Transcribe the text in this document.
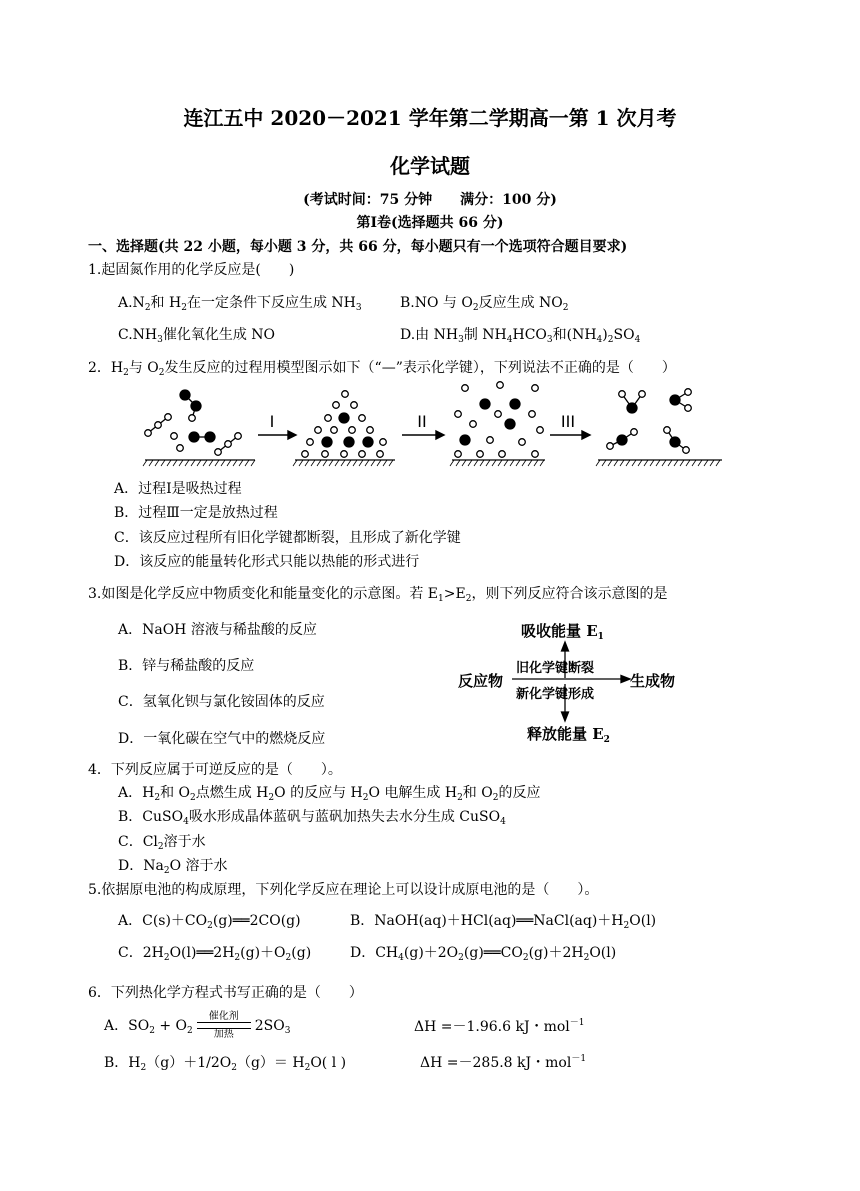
连江五中 2020－2021 学年第二学期高一第 1 次月考
化学试题
(考试时间：75 分钟　　满分：100 分)
第Ⅰ卷(选择题共 66 分)
一、选择题(共 22 小题，每小题 3 分，共 66 分，每小题只有一个选项符合题目要求)
1.起固氮作用的化学反应是(　　)
$A.N_2$和 $H_2$在一定条件下反应生成 $NH_3$	B.NO 与 $O_2$反应生成 $NO_2$
$C.NH_3$催化氧化生成 NO	D.由 $NH_3$制 $NH_4HCO_3$和$(NH_4)_2SO_4$
2．$H_2$与 $O_2$发生反应的过程用模型图示如下（“—”表示化学键），下列说法不正确的是（　　）
I	II	III
A．过程Ⅰ是吸热过程
B．过程Ⅲ一定是放热过程
C．该反应过程所有旧化学键都断裂，且形成了新化学键
D．该反应的能量转化形式只能以热能的形式进行
3.如图是化学反应中物质变化和能量变化的示意图。若 $E_1>E_2$，则下列反应符合该示意图的是
A．NaOH 溶液与稀盐酸的反应
B．锌与稀盐酸的反应
C．氢氧化钡与氯化铵固体的反应
D．一氧化碳在空气中的燃烧反应
吸收能量 $E_1$
反应物
旧化学键断裂
新化学键形成
生成物
释放能量 $E_2$
4．下列反应属于可逆反应的是（　　）。
A．$H_2$和 $O_2$点燃生成 $H_2O$ 的反应与 $H_2O$ 电解生成 $H_2$和 $O_2$的反应
B．CuSO$_4$吸水形成晶体蓝矾与蓝矾加热失去水分生成 CuSO$_4$
C．$Cl_2$溶于水
D．$Na_2O$ 溶于水
5.依据原电池的构成原理，下列化学反应在理论上可以设计成原电池的是（　　）。
A．$C(s)+CO_2(g)══2CO(g)$	B．$NaOH(aq)+HCl(aq)══NaCl(aq)+H_2O(l)$
C．$2H_2O(l)══2H_2(g)+O_2(g)$	D．$CH_4(g)+2O_2(g)══CO_2(g)+2H_2O(l)$
6．下列热化学方程式书写正确的是（　　）
A．$SO_2 + O_2$催化剂
加热$2SO_3$	ΔH =－1.96.6 kJ・mol$^{-1}$
B．$H_2(g)+1/2O_2(g)= H_2O$( l )	ΔH =－285.8 kJ・mol$^{-1}$
